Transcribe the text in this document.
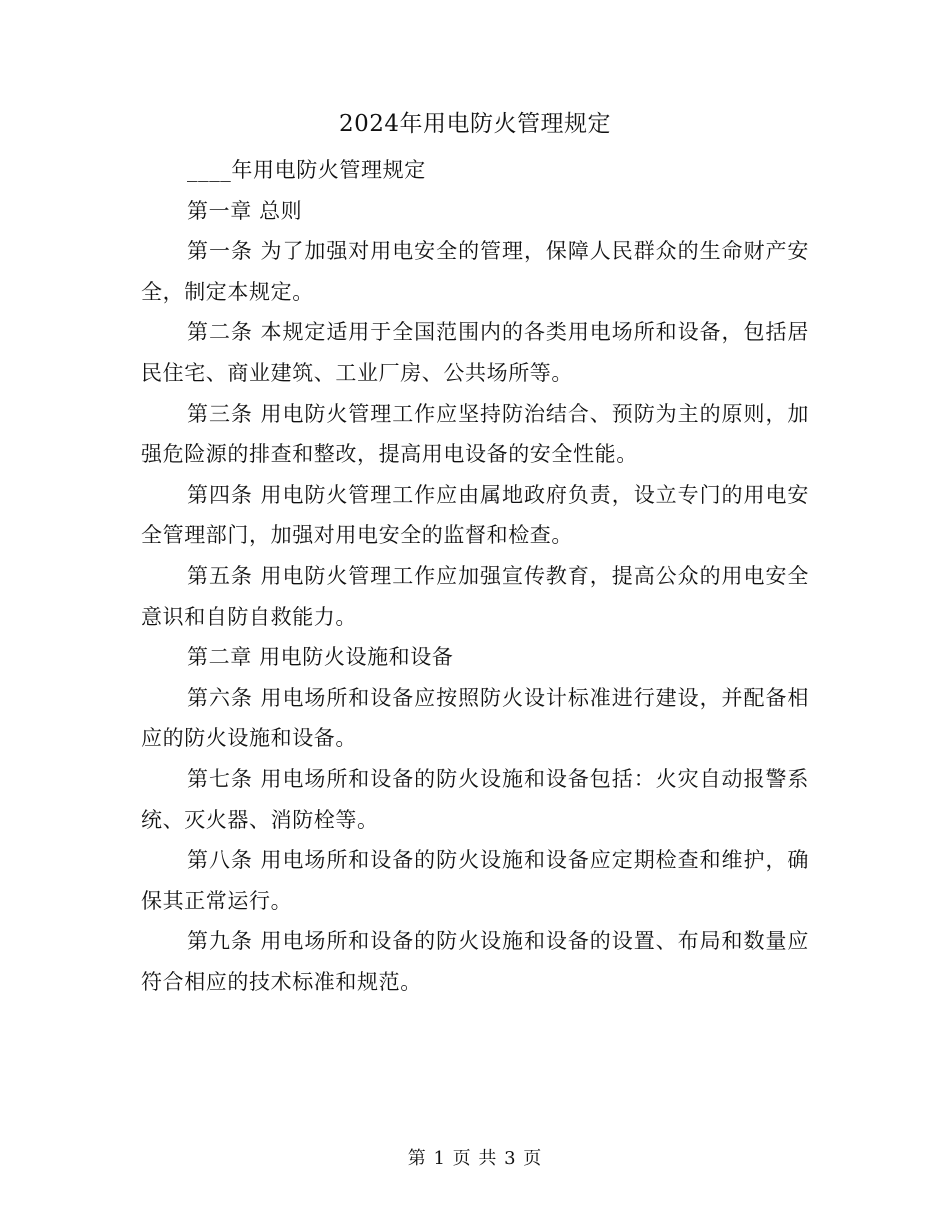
2024年用电防火管理规定

____年用电防火管理规定

第一章 总则

第一条 为了加强对用电安全的管理，保障人民群众的生命财产安全，制定本规定。

第二条 本规定适用于全国范围内的各类用电场所和设备，包括居民住宅、商业建筑、工业厂房、公共场所等。

第三条 用电防火管理工作应坚持防治结合、预防为主的原则，加强危险源的排查和整改，提高用电设备的安全性能。

第四条 用电防火管理工作应由属地政府负责，设立专门的用电安全管理部门，加强对用电安全的监督和检查。

第五条 用电防火管理工作应加强宣传教育，提高公众的用电安全意识和自防自救能力。

第二章 用电防火设施和设备

第六条 用电场所和设备应按照防火设计标准进行建设，并配备相应的防火设施和设备。

第七条 用电场所和设备的防火设施和设备包括：火灾自动报警系统、灭火器、消防栓等。

第八条 用电场所和设备的防火设施和设备应定期检查和维护，确保其正常运行。

第九条 用电场所和设备的防火设施和设备的设置、布局和数量应符合相应的技术标准和规范。

第 1 页 共 3 页
